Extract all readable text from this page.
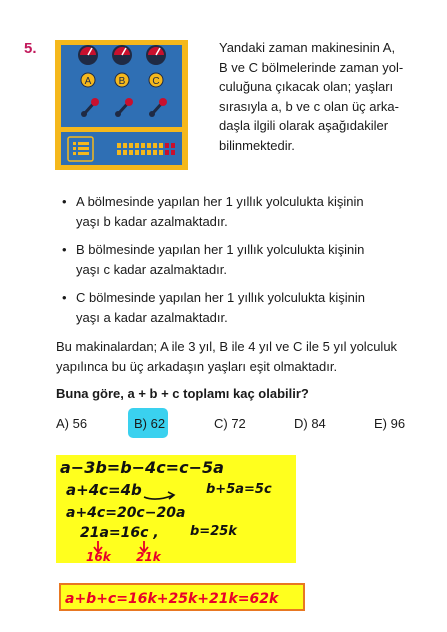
5.
A	B	C
Yandaki zaman makinesinin A,
B ve C bölmelerinde zaman yol-
culuğuna çıkacak olan; yaşları
sırasıyla a, b ve c olan üç arka-
daşla ilgili olarak aşağıdakiler
bilinmektedir.
• A bölmesinde yapılan her 1 yıllık yolculukta kişinin
yaşı b kadar azalmaktadır.
• B bölmesinde yapılan her 1 yıllık yolculukta kişinin
yaşı c kadar azalmaktadır.
• C bölmesinde yapılan her 1 yıllık yolculukta kişinin
yaşı a kadar azalmaktadır.
Bu makinalardan; A ile 3 yıl, B ile 4 yıl ve C ile 5 yıl yolculuk
yapılınca bu üç arkadaşın yaşları eşit olmaktadır.
Buna göre, a + b + c toplamı kaç olabilir?
A) 56	B) 62	C) 72	D) 84	E) 96
a−3b=b−4c=c−5a
a+4c=4b	b+5a=5c
a+4c=20c−20a
21a=16c , b=25k
16k 21k
a+b+c=16k+25k+21k=62k
